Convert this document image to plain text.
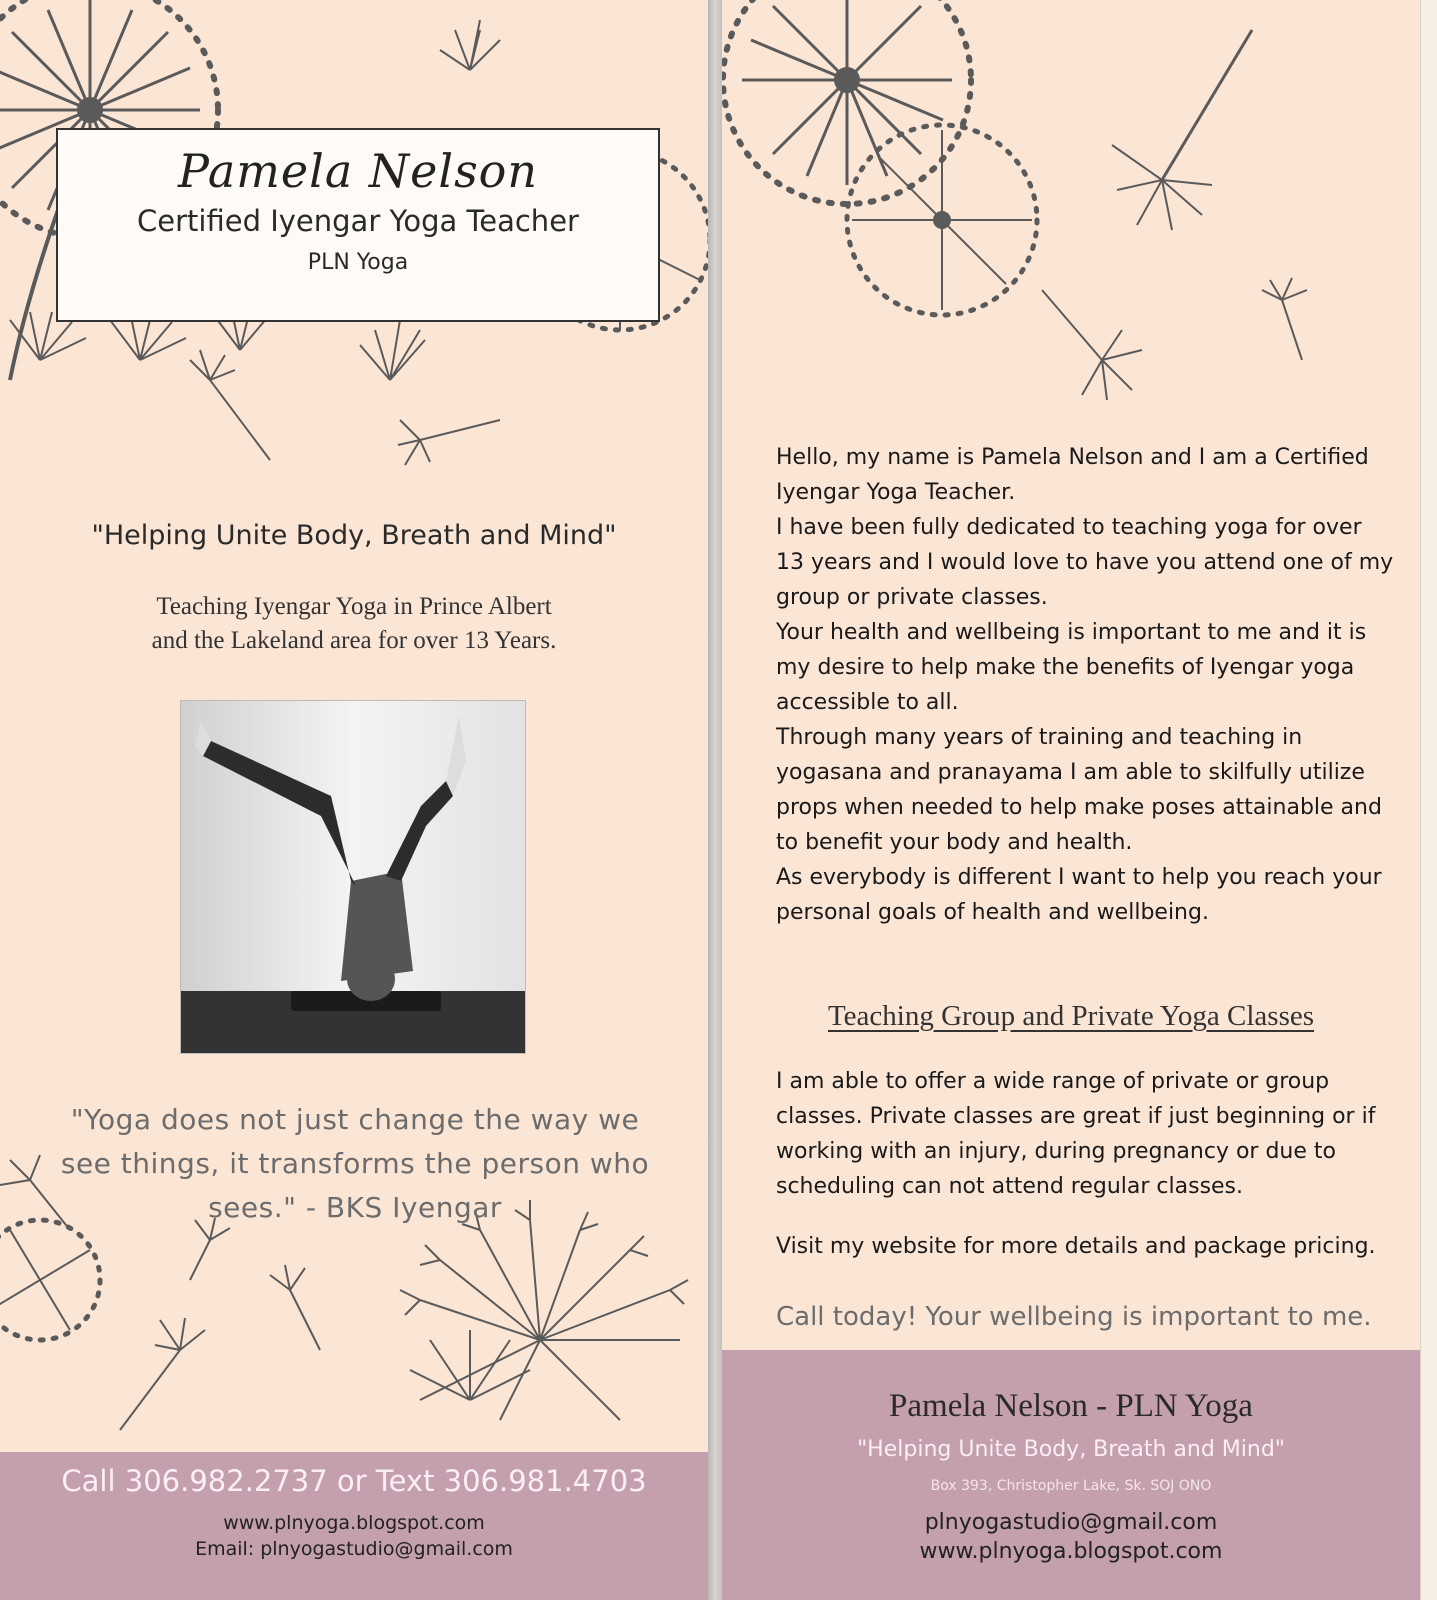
Pamela Nelson
Certified Iyengar Yoga Teacher
PLN Yoga
"Helping Unite Body, Breath and Mind"
Teaching Iyengar Yoga in Prince Albert
and the Lakeland area for over 13 Years.
"Yoga does not just change the way we
see things, it transforms the person who
sees." - BKS Iyengar
Call 306.982.2737 or Text 306.981.4703
www.plnyoga.blogspot.com
Email: plnyogastudio@gmail.com

Hello, my name is Pamela Nelson and I am a Certified Iyengar Yoga Teacher.

I have been fully dedicated to teaching yoga for over 13 years and I would love to have you attend one of my group or private classes.

Your health and wellbeing is important to me and it is my desire to help make the benefits of Iyengar yoga accessible to all.

Through many years of training and teaching in yogasana and pranayama I am able to skilfully utilize props when needed to help make poses attainable and to benefit your body and health.

As everybody is different I want to help you reach your personal goals of health and wellbeing.

Teaching Group and Private Yoga Classes

I am able to offer a wide range of private or group classes. Private classes are great if just beginning or if working with an injury, during pregnancy or due to scheduling can not attend regular classes.

Visit my website for more details and package pricing.

Call today! Your wellbeing is important to me.

Pamela Nelson - PLN Yoga
"Helping Unite Body, Breath and Mind"
Box 393, Christopher Lake, Sk. SOJ ONO
plnyogastudio@gmail.com
www.plnyoga.blogspot.com
